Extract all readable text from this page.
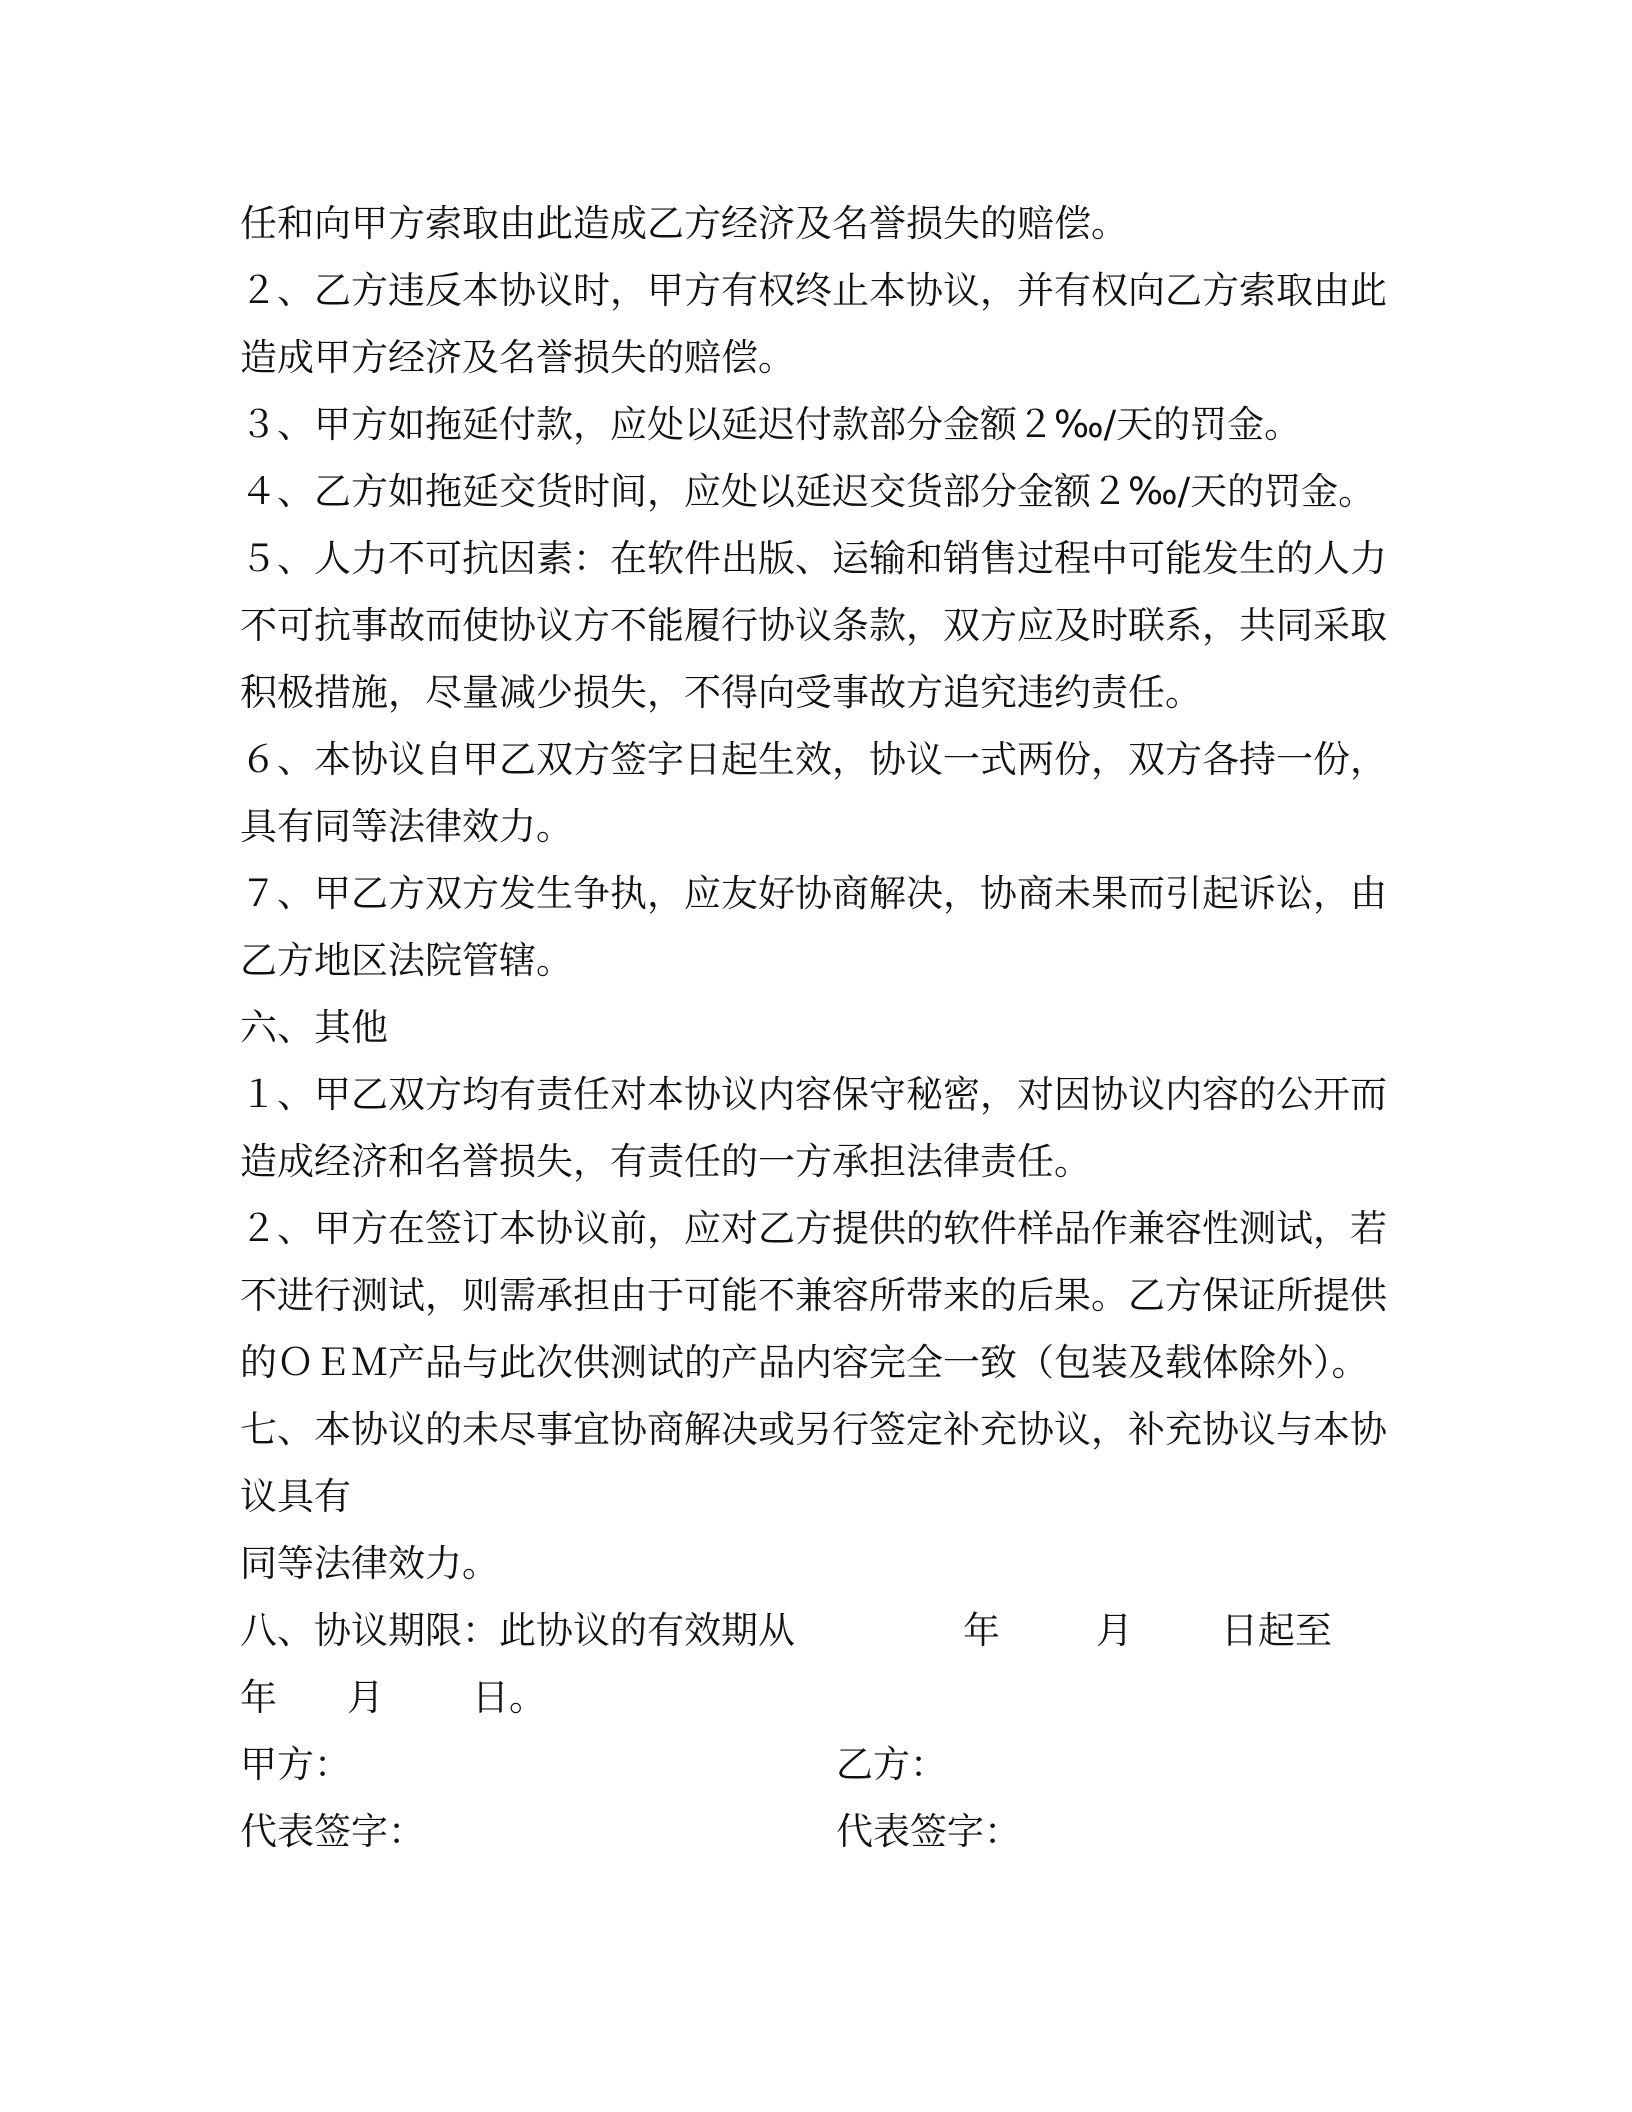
任和向甲方索取由此造成乙方经济及名誉损失的赔偿。
２、乙方违反本协议时，甲方有权终止本协议，并有权向乙方索取由此
造成甲方经济及名誉损失的赔偿。
３、甲方如拖延付款，应处以延迟付款部分金额２‰/天的罚金。
４、乙方如拖延交货时间，应处以延迟交货部分金额２‰/天的罚金。
５、人力不可抗因素：在软件出版、运输和销售过程中可能发生的人力
不可抗事故而使协议方不能履行协议条款，双方应及时联系，共同采取
积极措施，尽量减少损失，不得向受事故方追究违约责任。
６、本协议自甲乙双方签字日起生效，协议一式两份，双方各持一份，
具有同等法律效力。
７、甲乙方双方发生争执，应友好协商解决，协商未果而引起诉讼，由
乙方地区法院管辖。
六、其他
１、甲乙双方均有责任对本协议内容保守秘密，对因协议内容的公开而
造成经济和名誉损失，有责任的一方承担法律责任。
２、甲方在签订本协议前，应对乙方提供的软件样品作兼容性测试，若
不进行测试，则需承担由于可能不兼容所带来的后果。乙方保证所提供
的ＯＥＭ产品与此次供测试的产品内容完全一致（包装及载体除外）。
七、本协议的未尽事宜协商解决或另行签定补充协议，补充协议与本协
议具有
同等法律效力。
八、协议期限：此协议的有效期从	年	月 日起至
年 月 日。
甲方：	乙方：
代表签字：	代表签字：
